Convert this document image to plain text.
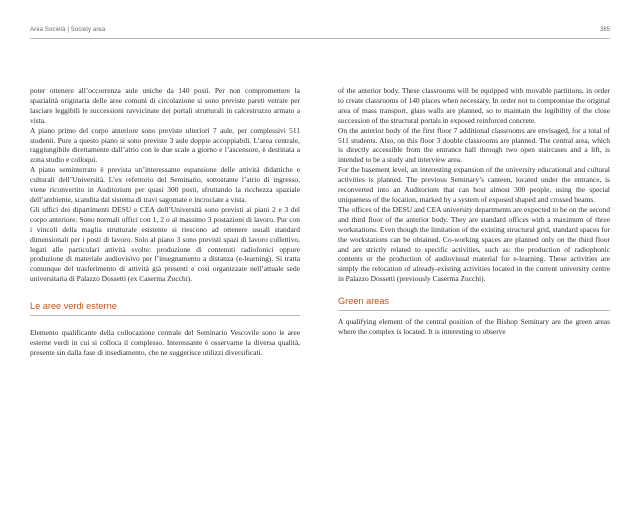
Area Società | Society area	365

poter ottenere all’occorrenza aule uniche da 140 posti. Per non compromettere la spazialità originaria delle aree comuni di circolazione si sono previste pareti vetrate per lasciare leggibili le successioni ravvicinate dei portali strutturali in calcestruzzo armato a vista.

A piano primo del corpo anteriore sono previste ulteriori 7 aule, per complessivi 511 studenti. Pure a questo piano si sono previste 3 aule doppie accoppiabili. L’area centrale, raggiungibile direttamente dall’atrio con le due scale a giorno e l’ascensore, è destinata a zona studio e colloqui.

A piano seminterrato è prevista un’interessante espansione delle attività didattiche e culturali dell’Università. L’ex refettorio del Seminario, sottostante l’atrio di ingresso, viene riconvertito in Auditorium per quasi 300 posti, sfruttando la ricchezza spaziale dell’ambiente, scandita dal sistema di travi sagomate e incrociate a vista.

Gli uffici dei dipartimenti DESU e CEA dell’Università sono previsti ai piani 2 e 3 del corpo anteriore. Sono normali uffici con 1, 2 o al massimo 3 postazioni di lavoro. Pur con i vincoli della maglia strutturale esistente si riescono ad ottenere usuali standard dimensionali per i posti di lavoro. Solo al piano 3 sono previsti spazi di lavoro collettivo, legati alle particolari attività svolte: produzione di contenuti radiofonici oppure produzione di materiale audiovisivo per l’insegnamento a distanza (e-learning). Si tratta comunque del trasferimento di attività già presenti e così organizzate nell’attuale sede universitaria di Palazzo Dossetti (ex Caserma Zucchi).

Le aree verdi esterne

Elemento qualificante della collocazione centrale del Seminario Vescovile sono le aree esterne verdi in cui si colloca il complesso. Interessante è osservarne la diversa qualità, presente sin dalla fase di insediamento, che ne suggerisce utilizzi diversificati.

of the anterior body. These classrooms will be equipped with movable partitions, in order to create classrooms of 140 places when necessary. In order not to compromise the original area of mass transport, glass walls are planned, so to maintain the legibility of the close succession of the structural portals in exposed reinforced concrete.

On the anterior body of the first floor 7 additional classrooms are envisaged, for a total of 511 students. Also, on this floor 3 double classrooms are planned. The central area, which is directly accessible from the entrance hall through two open staircases and a lift, is intended to be a study and interview area.

For the basement level, an interesting expansion of the university educational and cultural activities is planned. The previous Seminary’s canteen, located under the entrance, is reconverted into an Auditorium that can host almost 300 people, using the special uniqueness of the location, marked by a system of exposed shaped and crossed beams.

The offices of the DESU and CEA university departments are expected to be on the second and third floor of the anterior body. They are standard offices with a maximum of three workstations. Even though the limitation of the existing structural grid, standard spaces for the workstations can be obtained. Co-working spaces are planned only on the third floor and are strictly related to specific activities, such as: the production of radiophonic contents or the production of audiovisual material for e-learning. These activities are simply the relocation of already-existing activities located in the current university centre in Palazzo Dossetti (previously Caserma Zucchi).

Green areas

A qualifying element of the central position of the Bishop Seminary are the green areas where the complex is located. It is interesting to observe
